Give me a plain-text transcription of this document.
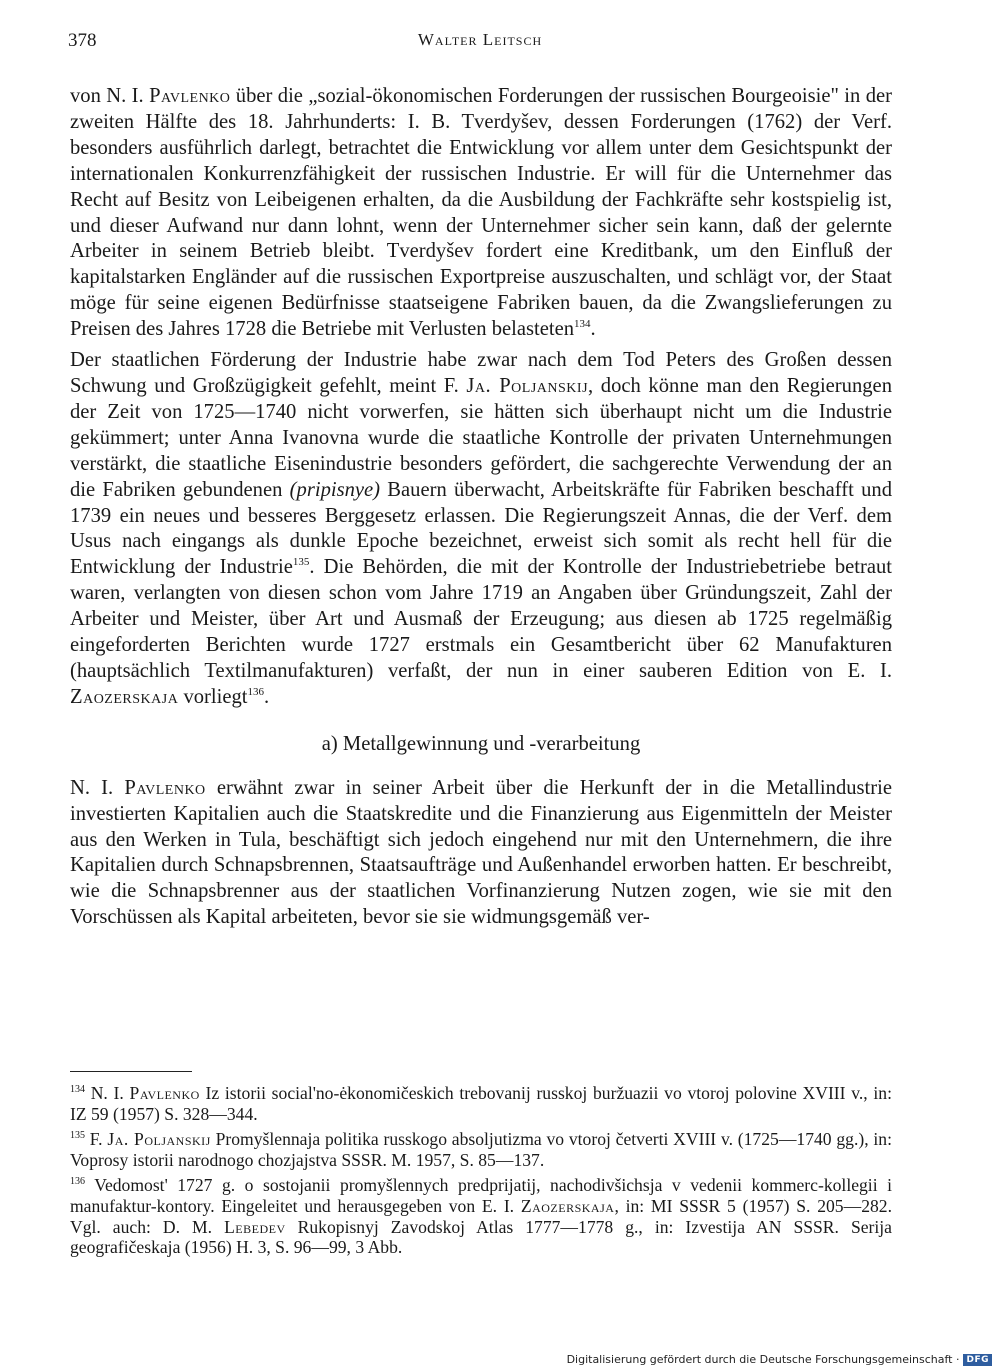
378	Walter Leitsch

von N. I. Pavlenko über die „sozial-ökonomischen Forderungen der russischen Bourgeoisie" in der zweiten Hälfte des 18. Jahrhunderts: I. B. Tverdyšev, dessen Forderungen (1762) der Verf. besonders ausführlich darlegt, betrachtet die Entwicklung vor allem unter dem Gesichtspunkt der internationalen Konkurrenzfähigkeit der russischen Industrie. Er will für die Unternehmer das Recht auf Besitz von Leibeigenen erhalten, da die Ausbildung der Fachkräfte sehr kostspielig ist, und dieser Aufwand nur dann lohnt, wenn der Unternehmer sicher sein kann, daß der gelernte Arbeiter in seinem Betrieb bleibt. Tverdyšev fordert eine Kreditbank, um den Einfluß der kapitalstarken Engländer auf die russischen Exportpreise auszuschalten, und schlägt vor, der Staat möge für seine eigenen Bedürfnisse staatseigene Fabriken bauen, da die Zwangslieferungen zu Preisen des Jahres 1728 die Betriebe mit Verlusten belasteten$^{134}$.

Der staatlichen Förderung der Industrie habe zwar nach dem Tod Peters des Großen dessen Schwung und Großzügigkeit gefehlt, meint F. Ja. Poljanskij, doch könne man den Regierungen der Zeit von 1725—1740 nicht vorwerfen, sie hätten sich überhaupt nicht um die Industrie gekümmert; unter Anna Ivanovna wurde die staatliche Kontrolle der privaten Unternehmungen verstärkt, die staatliche Eisenindustrie besonders gefördert, die sachgerechte Verwendung der an die Fabriken gebundenen (pripisnye) Bauern überwacht, Arbeitskräfte für Fabriken beschafft und 1739 ein neues und besseres Berggesetz erlassen. Die Regierungszeit Annas, die der Verf. dem Usus nach eingangs als dunkle Epoche bezeichnet, erweist sich somit als recht hell für die Entwicklung der Industrie$^{135}$. Die Behörden, die mit der Kontrolle der Industriebetriebe betraut waren, verlangten von diesen schon vom Jahre 1719 an Angaben über Gründungszeit, Zahl der Arbeiter und Meister, über Art und Ausmaß der Erzeugung; aus diesen ab 1725 regelmäßig eingeforderten Berichten wurde 1727 erstmals ein Gesamtbericht über 62 Manufakturen (hauptsächlich Textilmanufakturen) verfaßt, der nun in einer sauberen Edition von E. I. Zaozerskaja vorliegt$^{136}$.

a) Metallgewinnung und -verarbeitung

N. I. Pavlenko erwähnt zwar in seiner Arbeit über die Herkunft der in die Metallindustrie investierten Kapitalien auch die Staatskredite und die Finanzierung aus Eigenmitteln der Meister aus den Werken in Tula, beschäftigt sich jedoch eingehend nur mit den Unternehmern, die ihre Kapitalien durch Schnapsbrennen, Staatsaufträge und Außenhandel erworben hatten. Er beschreibt, wie die Schnapsbrenner aus der staatlichen Vorfinanzierung Nutzen zogen, wie sie mit den Vorschüssen als Kapital arbeiteten, bevor sie sie widmungsgemäß ver-

$^{134}$ N. I. Pavlenko Iz istorii social'no-ėkonomičeskich trebovanij russkoj buržuazii vo vtoroj polovine XVIII v., in: IZ 59 (1957) S. 328—344.

$^{135}$ F. Ja. Poljanskij Promyšlennaja politika russkogo absoljutizma vo vtoroj četverti XVIII v. (1725—1740 gg.), in: Voprosy istorii narodnogo chozjajstva SSSR. M. 1957, S. 85—137.

$^{136}$ Vedomost' 1727 g. o sostojanii promyšlennych predprijatij, nachodivšichsja v vedenii kommerc-kollegii i manufaktur-kontory. Eingeleitet und herausgegeben von E. I. Zaozerskaja, in: MI SSSR 5 (1957) S. 205—282. Vgl. auch: D. M. Lebedev Rukopisnyj Zavodskoj Atlas 1777—1778 g., in: Izvestija AN SSSR. Serija geografičeskaja (1956) H. 3, S. 96—99, 3 Abb.

Digitalisierung gefördert durch die Deutsche Forschungsgemeinschaft · DFG
